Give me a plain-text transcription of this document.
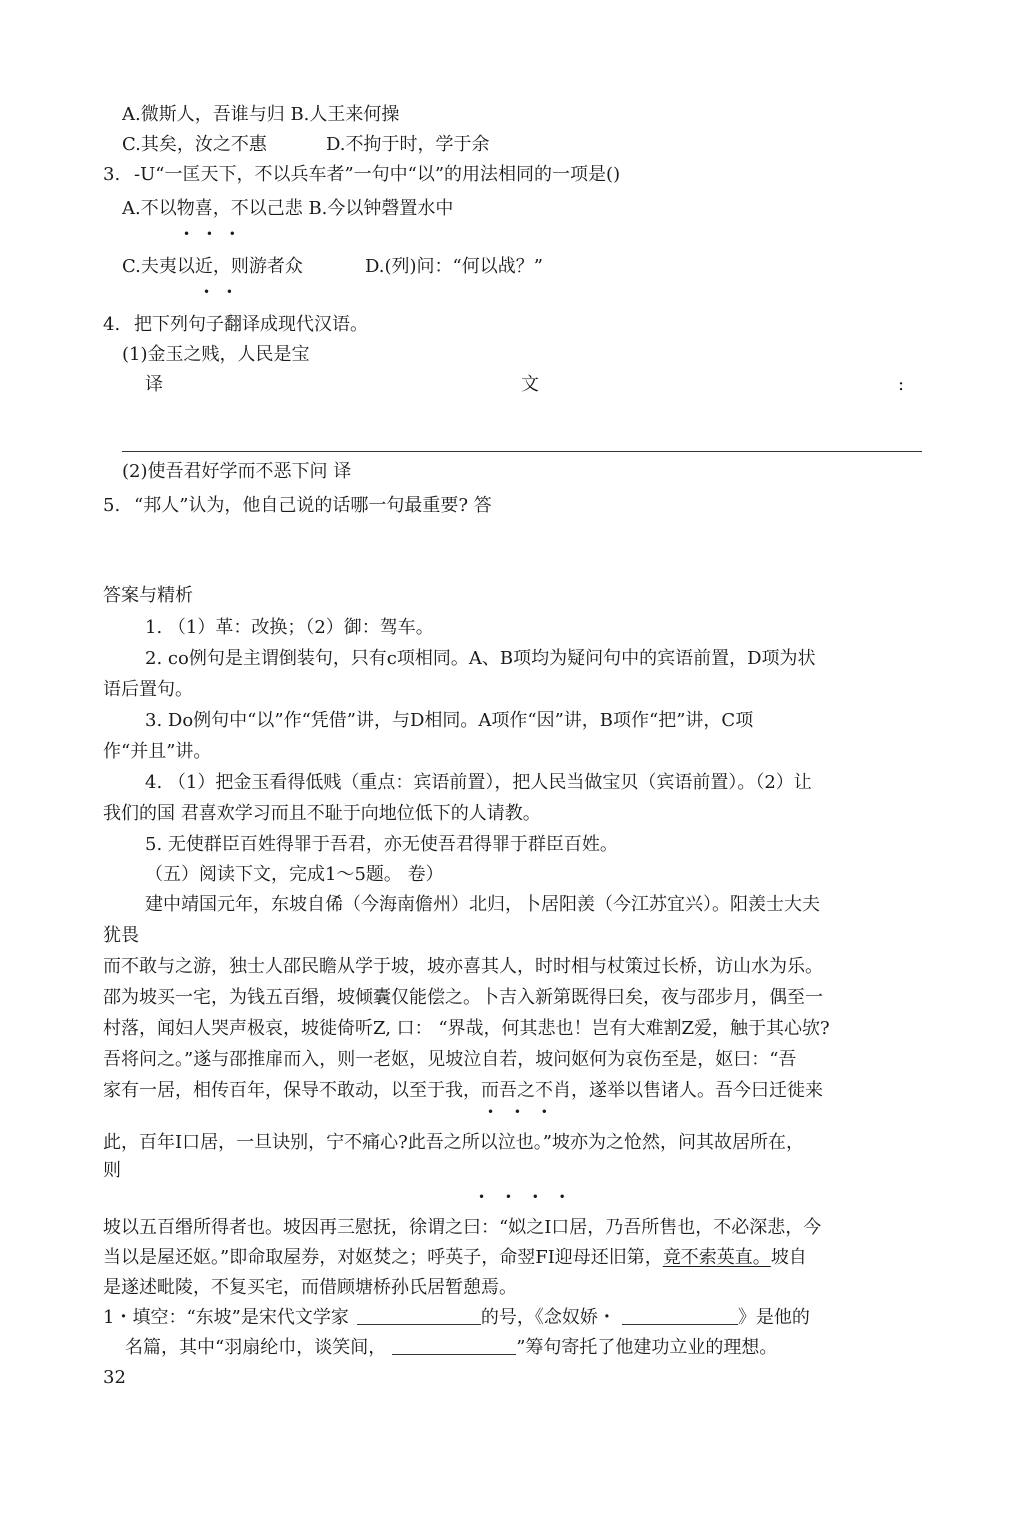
A.微斯人，吾谁与归 B.人王来何操
C.其矣，汝之不惠	D.不拘于时，学于余
3. -U“一匡天下，不以兵车者”一句中“以”的用法相同的一项是()
A.不以物喜，不以己悲 B.今以钟磬置水中
• • •
C.夫夷以近，则游者众	D.(列)问：“何以战？”
• •
4. 把下列句子翻译成现代汉语。
(1)金玉之贱，人民是宝
译	文	:
(2)使吾君好学而不恶下问 译
5. “邦人”认为，他自己说的话哪一句最重要? 答
答案与精析
1. （1）革：改换；（2）御：驾车。
2. co例句是主谓倒装句，只有c项相同。A、B项均为疑问句中的宾语前置，D项为状
语后置句。
3. Do例句中“以”作“凭借”讲，与D相同。A项作“因”讲，B项作“把”讲，C项
作“并且”讲。
4. （1）把金玉看得低贱（重点：宾语前置），把人民当做宝贝（宾语前置）。（2）让
我们的国 君喜欢学习而且不耻于向地位低下的人请教。
5. 无使群臣百姓得罪于吾君，亦无使吾君得罪于群臣百姓。
（五）阅读下文，完成1～5题。 卷）
建中靖国元年，东坡自俙（今海南儋州）北归，卜居阳羡（今江苏宜兴）。阳羡士大夫
犹畏
而不敢与之游，独士人邵民瞻从学于坡，坡亦喜其人，时时相与杖策过长桥，访山水为乐。
邵为坡买一宅，为钱五百缗，坡倾囊仅能偿之。卜吉入新第既得曰矣，夜与邵步月，偶至一
村落，闻妇人哭声极哀，坡徙倚听Z, 口： “界哉，何其悲也！岂有大难割Z爱，触于其心欤?
吾将问之。”遂与邵推扉而入，则一老妪，见坡泣自若，坡问妪何为哀伤至是，妪曰：“吾
家有一居，相传百年，保导不敢动，以至于我，而吾之不肖，遂举以售诸人。吾今曰迁徙来
• • •
此，百年I口居，一旦诀别，宁不痛心?此吾之所以泣也。”坡亦为之怆然，问其故居所在，
则
• • • •
坡以五百缗所得者也。坡因再三慰抚，徐谓之曰：“姒之I口居，乃吾所售也，不必深悲，今
当以是屋还妪。”即命取屋券，对妪焚之；呼英子，命翌FI迎母还旧第，竟不索英直。坡自
是遂述毗陵，不复买宅，而借顾塘桥孙氏居暂憩焉。
1・填空：“东坡”是宋代文学家	的号，《念奴娇・	》是他的
名篇，其中“羽扇纶巾，谈笑间，	”筹句寄托了他建功立业的理想。
32
